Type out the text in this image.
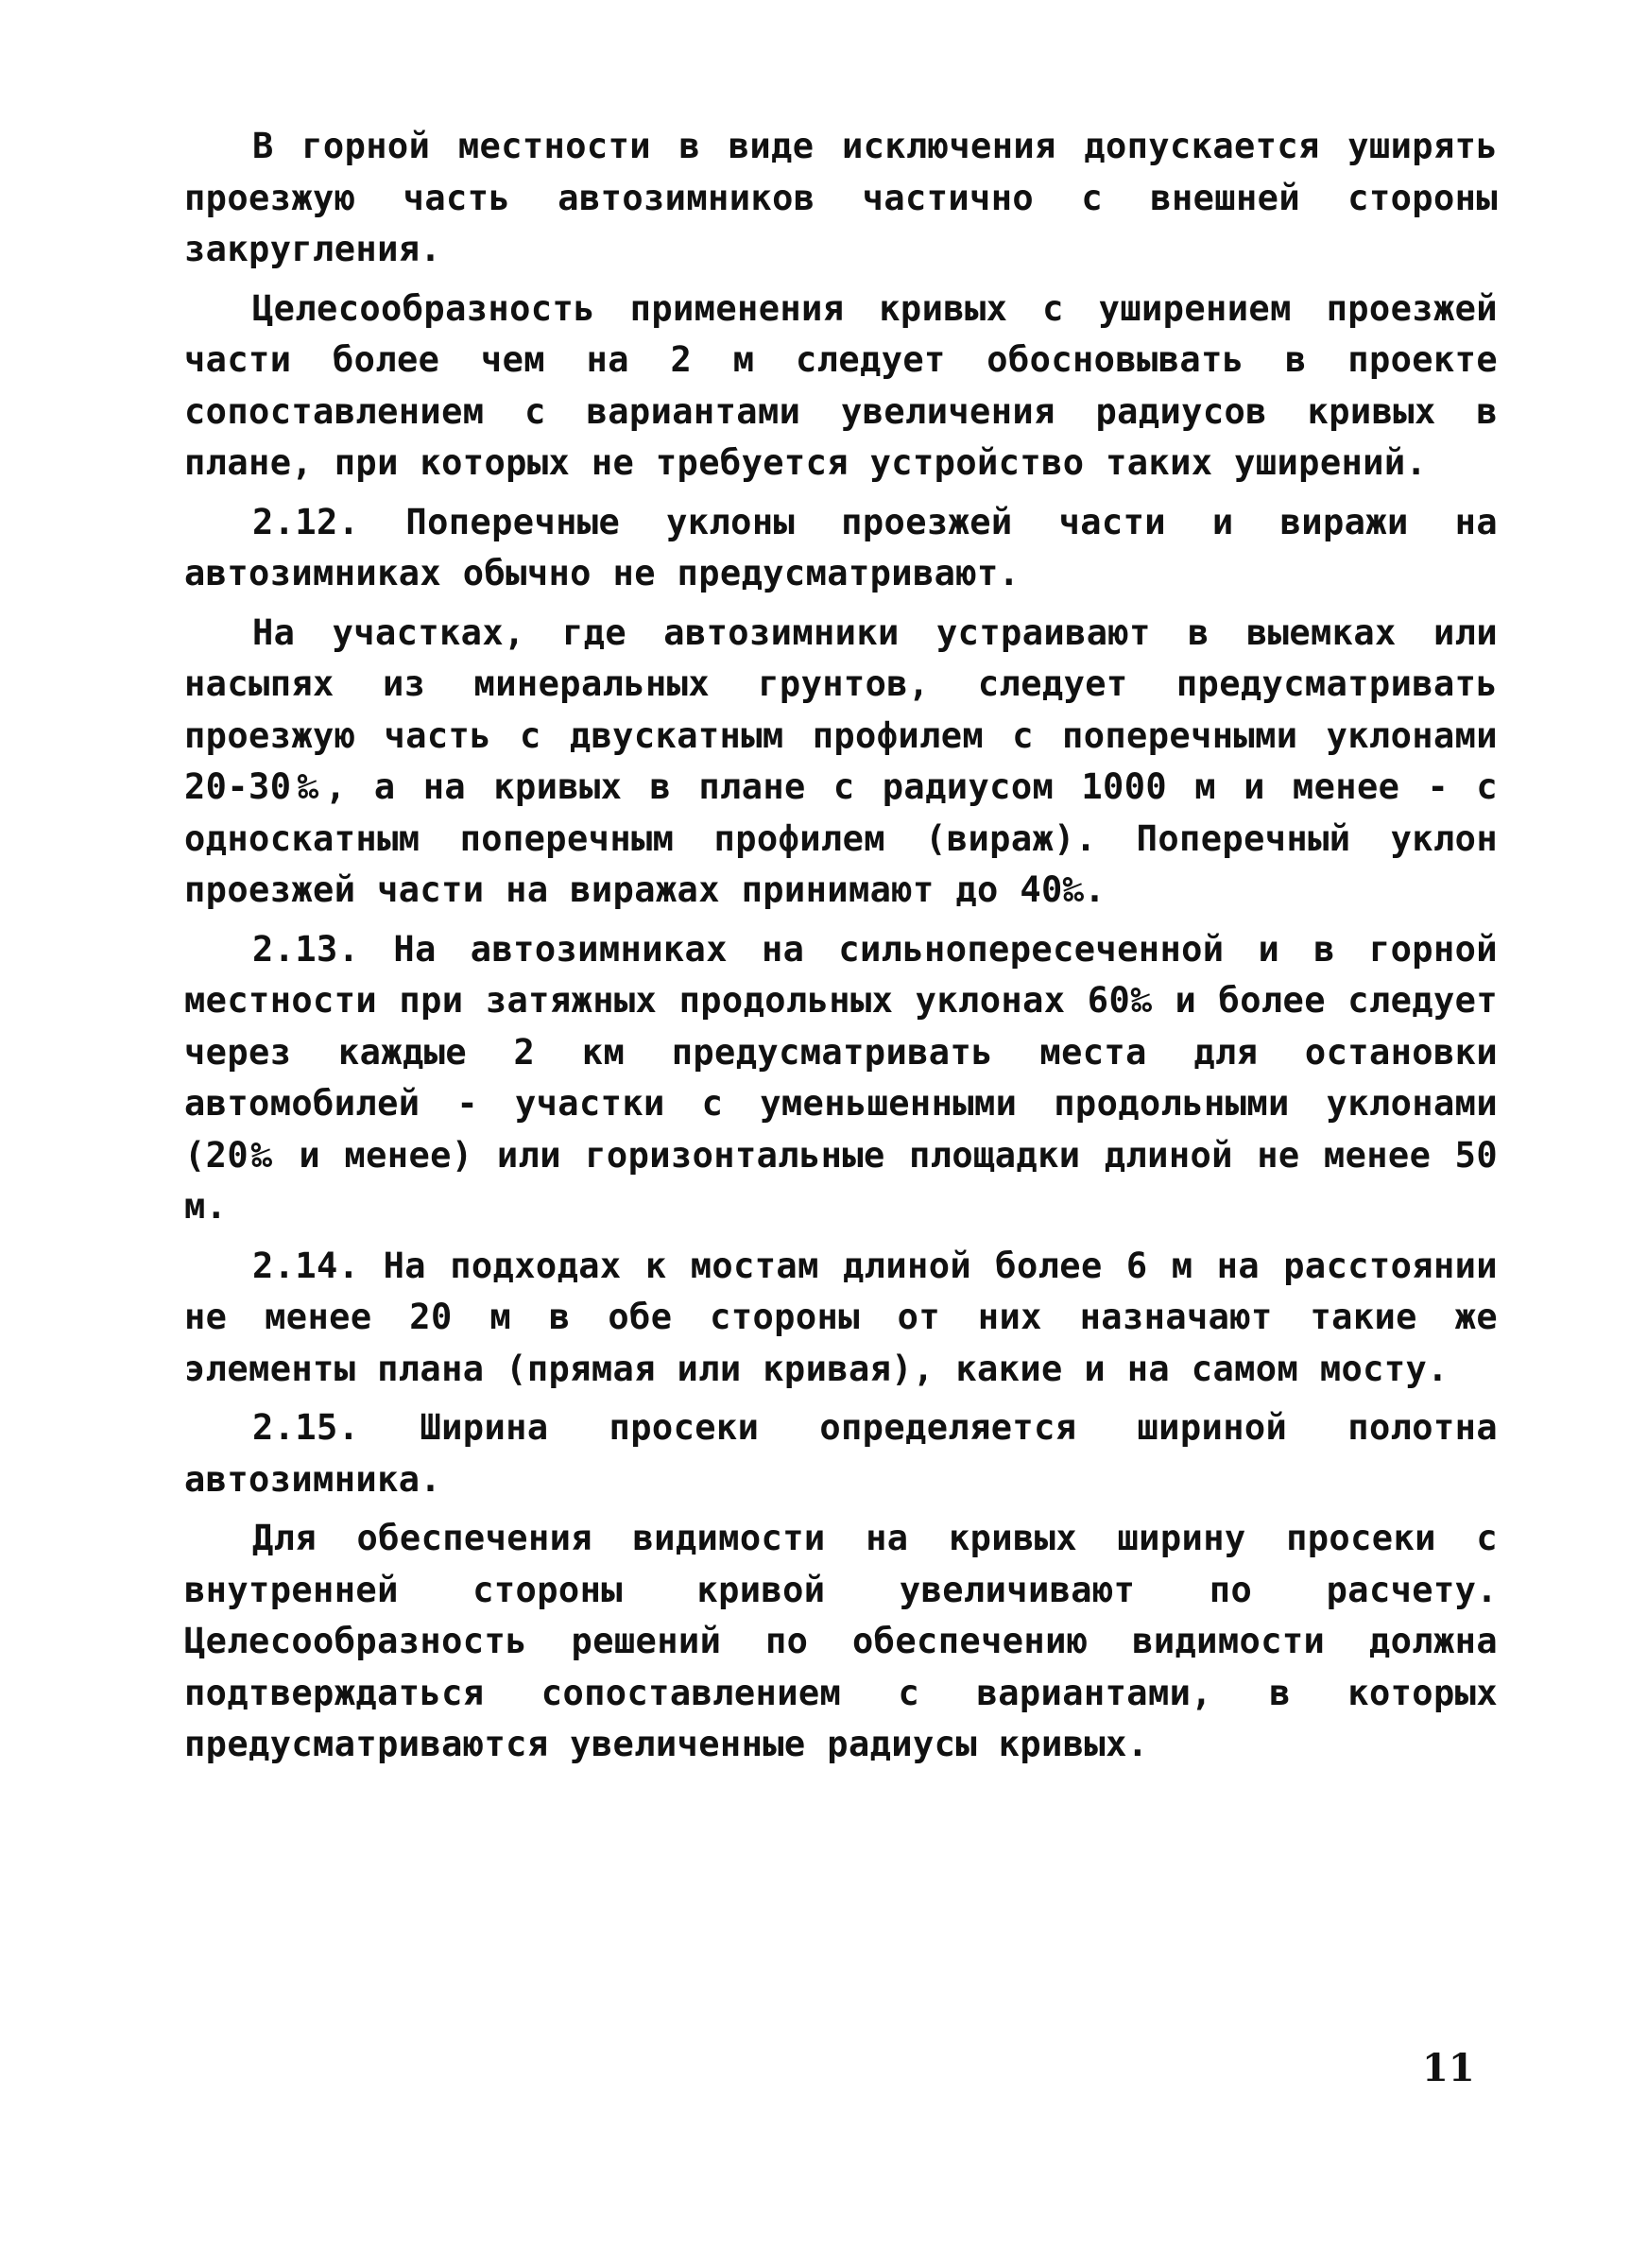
В горной местности в виде исключения допускается уширять проезжую часть автозимников частично с внешней стороны закругления.

Целесообразность применения кривых с уширением проезжей части более чем на 2 м следует обосновывать в проекте сопоставлением с вариантами увеличения радиусов кривых в плане, при которых не требуется устройство таких уширений.

2.12. Поперечные уклоны проезжей части и виражи на автозимниках обычно не предусматривают.

На участках, где автозимники устраивают в выемках или насыпях из минеральных грунтов, следует предусматривать проезжую часть с двускатным профилем с поперечными уклонами 20-30‰, а на кривых в плане с радиусом 1000 м и менее - с односкатным поперечным профилем (вираж). Поперечный уклон проезжей части на виражах принимают до 40‰.

2.13. На автозимниках на сильнопересеченной и в горной местности при затяжных продольных уклонах 60‰ и более следует через каждые 2 км предусматривать места для остановки автомобилей - участки с уменьшенными продольными уклонами (20‰ и менее) или горизонтальные площадки длиной не менее 50 м.

2.14. На подходах к мостам длиной более 6 м на расстоянии не менее 20 м в обе стороны от них назначают такие же элементы плана (прямая или кривая), какие и на самом мосту.

2.15. Ширина просеки определяется шириной полотна автозимника.

Для обеспечения видимости на кривых ширину просеки с внутренней стороны кривой увеличивают по расчету. Целесообразность решений по обеспечению видимости должна подтверждаться сопоставлением с вариантами, в которых предусматриваются увеличенные радиусы кривых.

11
